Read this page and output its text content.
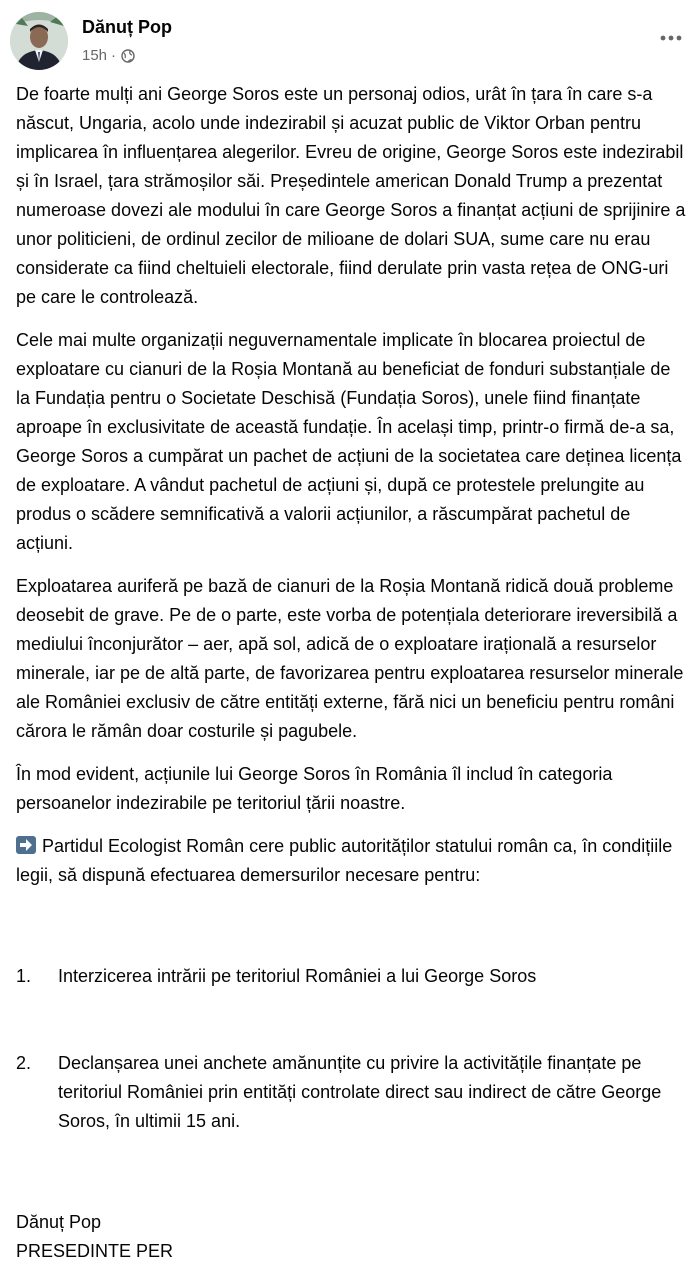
Dănuț Pop
15h ·

De foarte mulți ani George Soros este un personaj odios, urât în țara în care s-a născut, Ungaria, acolo unde indezirabil și acuzat public de Viktor Orban pentru implicarea în influențarea alegerilor. Evreu de origine, George Soros este indezirabil și în Israel, țara strămoșilor săi. Președintele american Donald Trump a prezentat numeroase dovezi ale modului în care George Soros a finanțat acțiuni de sprijinire a unor politicieni, de ordinul zecilor de milioane de dolari SUA, sume care nu erau considerate ca fiind cheltuieli electorale, fiind derulate prin vasta rețea de ONG-uri pe care le controlează.

Cele mai multe organizații neguvernamentale implicate în blocarea proiectul de exploatare cu cianuri de la Roșia Montană au beneficiat de fonduri substanțiale de la Fundația pentru o Societate Deschisă (Fundația Soros), unele fiind finanțate aproape în exclusivitate de această fundație. În același timp, printr-o firmă de-a sa, George Soros a cumpărat un pachet de acțiuni de la societatea care deținea licența de exploatare. A vândut pachetul de acțiuni și, după ce protestele prelungite au produs o scădere semnificativă a valorii acțiunilor, a răscumpărat pachetul de acțiuni.

Exploatarea auriferă pe bază de cianuri de la Roșia Montană ridică două probleme deosebit de grave. Pe de o parte, este vorba de potențiala deteriorare ireversibilă a mediului înconjurător – aer, apă sol, adică de o exploatare irațională a resurselor minerale, iar pe de altă parte, de favorizarea pentru exploatarea resurselor minerale ale României exclusiv de către entități externe, fără nici un beneficiu pentru români cărora le rămân doar costurile și pagubele.

În mod evident, acțiunile lui George Soros în România îl includ în categoria persoanelor indezirabile pe teritoriul țării noastre.

Partidul Ecologist Român cere public autorităților statului român ca, în condițiile legii, să dispună efectuarea demersurilor necesare pentru:

1.	Interzicerea intrării pe teritoriul României a lui George Soros

2.	Declanșarea unei anchete amănunțite cu privire la activitățile finanțate pe teritoriul României prin entități controlate direct sau indirect de către George Soros, în ultimii 15 ani.

Dănuț Pop

PRESEDINTE PER
